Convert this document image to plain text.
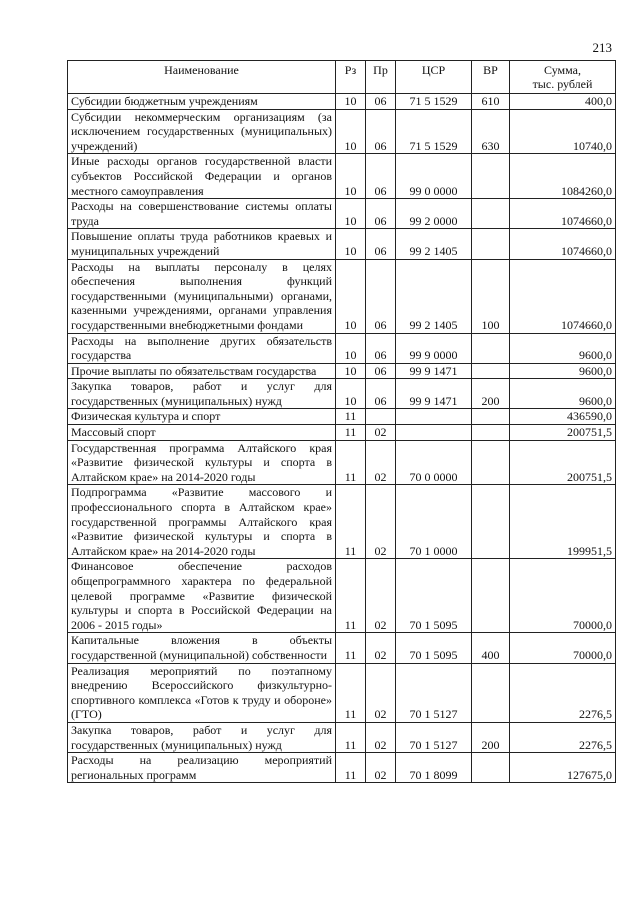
213
Наименование	Рз	Пр	ЦСР	ВР	Сумма,
тыс. рублей
Субсидии бюджетным учреждениям	10	06	71 5 1529	610	400,0
Субсидии некоммерческим организациям (за исключением государственных (муниципальных) учреждений)	10	06	71 5 1529	630	10740,0
Иные расходы органов государственной власти субъектов Российской Федерации и органов местного самоуправления	10	06	99 0 0000		1084260,0
Расходы на совершенствование системы оплаты труда	10	06	99 2 0000		1074660,0
Повышение оплаты труда работников краевых и муниципальных учреждений	10	06	99 2 1405		1074660,0
Расходы на выплаты персоналу в целях обеспечения выполнения функций государственными (муниципальными) органами, казенными учреждениями, органами управления государственными внебюджетными фондами	10	06	99 2 1405	100	1074660,0
Расходы на выполнение других обязательств государства	10	06	99 9 0000		9600,0
Прочие выплаты по обязательствам государства	10	06	99 9 1471		9600,0
Закупка товаров, работ и услуг для государственных (муниципальных) нужд	10	06	99 9 1471	200	9600,0
Физическая культура и спорт	11				436590,0
Массовый спорт	11	02			200751,5
Государственная программа Алтайского края «Развитие физической культуры и спорта в Алтайском крае» на 2014-2020 годы	11	02	70 0 0000		200751,5
Подпрограмма «Развитие массового и профессионального спорта в Алтайском крае» государственной программы Алтайского края «Развитие физической культуры и спорта в Алтайском крае» на 2014-2020 годы	11	02	70 1 0000		199951,5
Финансовое обеспечение расходов общепрограммного характера по федеральной целевой программе «Развитие физической культуры и спорта в Российской Федерации на 2006 - 2015 годы»	11	02	70 1 5095		70000,0
Капитальные вложения в объекты государственной (муниципальной) собственности	11	02	70 1 5095	400	70000,0
Реализация мероприятий по поэтапному внедрению Всероссийского физкультурно-спортивного комплекса «Готов к труду и обороне» (ГТО)	11	02	70 1 5127		2276,5
Закупка товаров, работ и услуг для государственных (муниципальных) нужд	11	02	70 1 5127	200	2276,5
Расходы на реализацию мероприятий региональных программ	11	02	70 1 8099		127675,0
